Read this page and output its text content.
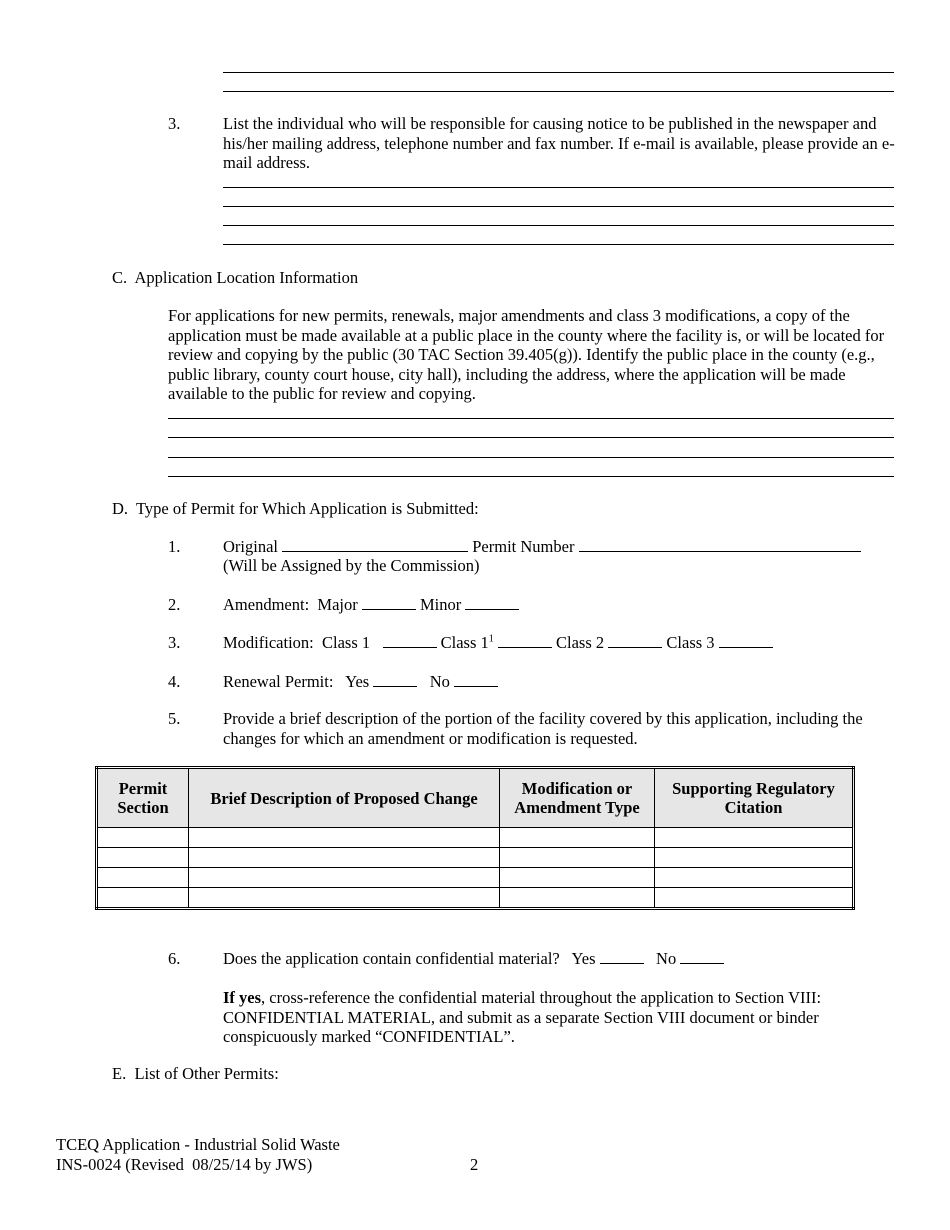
3.	List the individual who will be responsible for causing notice to be published in the newspaper and his/her mailing address, telephone number and fax number. If e-mail is available, please provide an e-mail address.
C.  Application Location Information
For applications for new permits, renewals, major amendments and class 3 modifications, a copy of the application must be made available at a public place in the county where the facility is, or will be located for review and copying by the public (30 TAC Section 39.405(g)). Identify the public place in the county (e.g., public library, county court house, city hall), including the address, where the application will be made available to the public for review and copying.
D.  Type of Permit for Which Application is Submitted:
1.	Original	Permit Number
(Will be Assigned by the Commission)
2.	Amendment: Major	Minor
3.	Modification: Class 1	Class $1^1$	Class 2	Class 3
4.	Renewal Permit: Yes	No
5.	Provide a brief description of the portion of the facility covered by this application, including the changes for which an amendment or modification is requested.
Permit Section	Brief Description of Proposed Change	Modification or Amendment Type	Supporting Regulatory Citation

6.	Does the application contain confidential material? Yes	No
If yes, cross-reference the confidential material throughout the application to Section VIII: CONFIDENTIAL MATERIAL, and submit as a separate Section VIII document or binder conspicuously marked “CONFIDENTIAL”.
E.  List of Other Permits:
TCEQ Application - Industrial Solid Waste
INS-0024 (Revised  08/25/14 by JWS)	2
